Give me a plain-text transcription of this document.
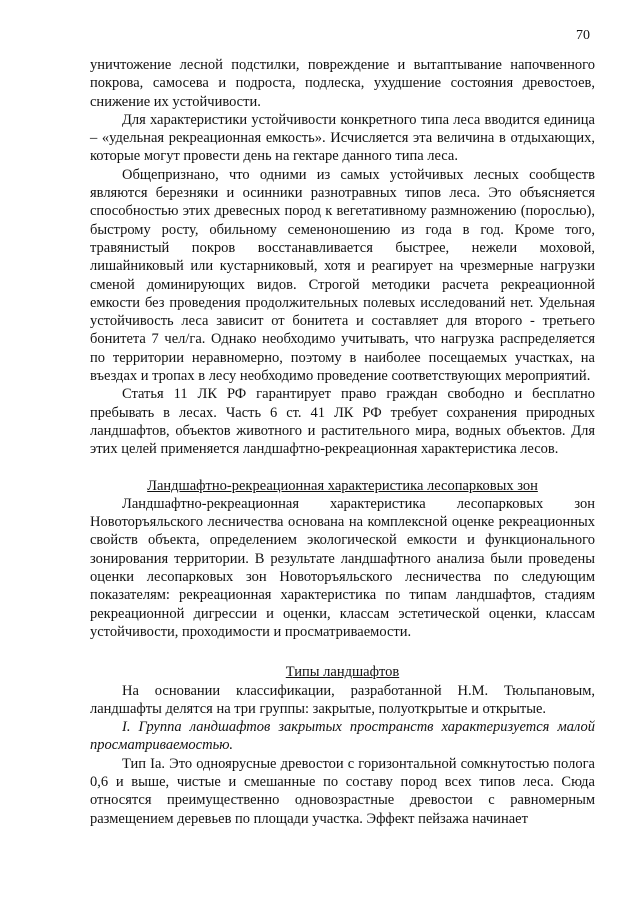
70

уничтожение лесной подстилки, повреждение и вытаптывание напочвенного покрова, самосева и подроста, подлеска, ухудшение состояния древостоев, снижение их устойчивости.

Для характеристики устойчивости конкретного типа леса вводится единица – «удельная рекреационная емкость». Исчисляется эта величина в отдыхающих, которые могут провести день на гектаре данного типа леса.

Общепризнано, что одними из самых устойчивых лесных сообществ являются березняки и осинники разнотравных типов леса. Это объясняется способностью этих древесных пород к вегетативному размножению (порослью), быстрому росту, обильному семеноношению из года в год. Кроме того, травянистый покров восстанавливается быстрее, нежели моховой, лишайниковый или кустарниковый, хотя и реагирует на чрезмерные нагрузки сменой доминирующих видов. Строгой методики расчета рекреационной емкости без проведения продолжительных полевых исследований нет. Удельная устойчивость леса зависит от бонитета и составляет для второго - третьего бонитета 7 чел/га. Однако необходимо учитывать, что нагрузка распределяется по территории неравномерно, поэтому в наиболее посещаемых участках, на въездах и тропах в лесу необходимо проведение соответствующих мероприятий.

Статья 11 ЛК РФ гарантирует право граждан свободно и бесплатно пребывать в лесах. Часть 6 ст. 41 ЛК РФ требует сохранения природных ландшафтов, объектов животного и растительного мира, водных объектов. Для этих целей применяется ландшафтно-рекреационная характеристика лесов.

Ландшафтно-рекреационная характеристика лесопарковых зон

Ландшафтно-рекреационная характеристика лесопарковых зон Новоторъяльского лесничества основана на комплексной оценке рекреационных свойств объекта, определением экологической емкости и функционального зонирования территории. В результате ландшафтного анализа были проведены оценки лесопарковых зон Новоторъяльского лесничества по следующим показателям: рекреационная характеристика по типам ландшафтов, стадиям рекреационной дигрессии и оценки, классам эстетической оценки, классам устойчивости, проходимости и просматриваемости.

Типы ландшафтов

На основании классификации, разработанной Н.М. Тюльпановым, ландшафты делятся на три группы: закрытые, полуоткрытые и открытые.

I. Группа ландшафтов закрытых пространств характеризуется малой просматриваемостью.

Тип Iа. Это одноярусные древостои с горизонтальной сомкнутостью полога 0,6 и выше, чистые и смешанные по составу пород всех типов леса. Сюда относятся преимущественно одновозрастные древостои с равномерным размещением деревьев по площади участка. Эффект пейзажа начинает
